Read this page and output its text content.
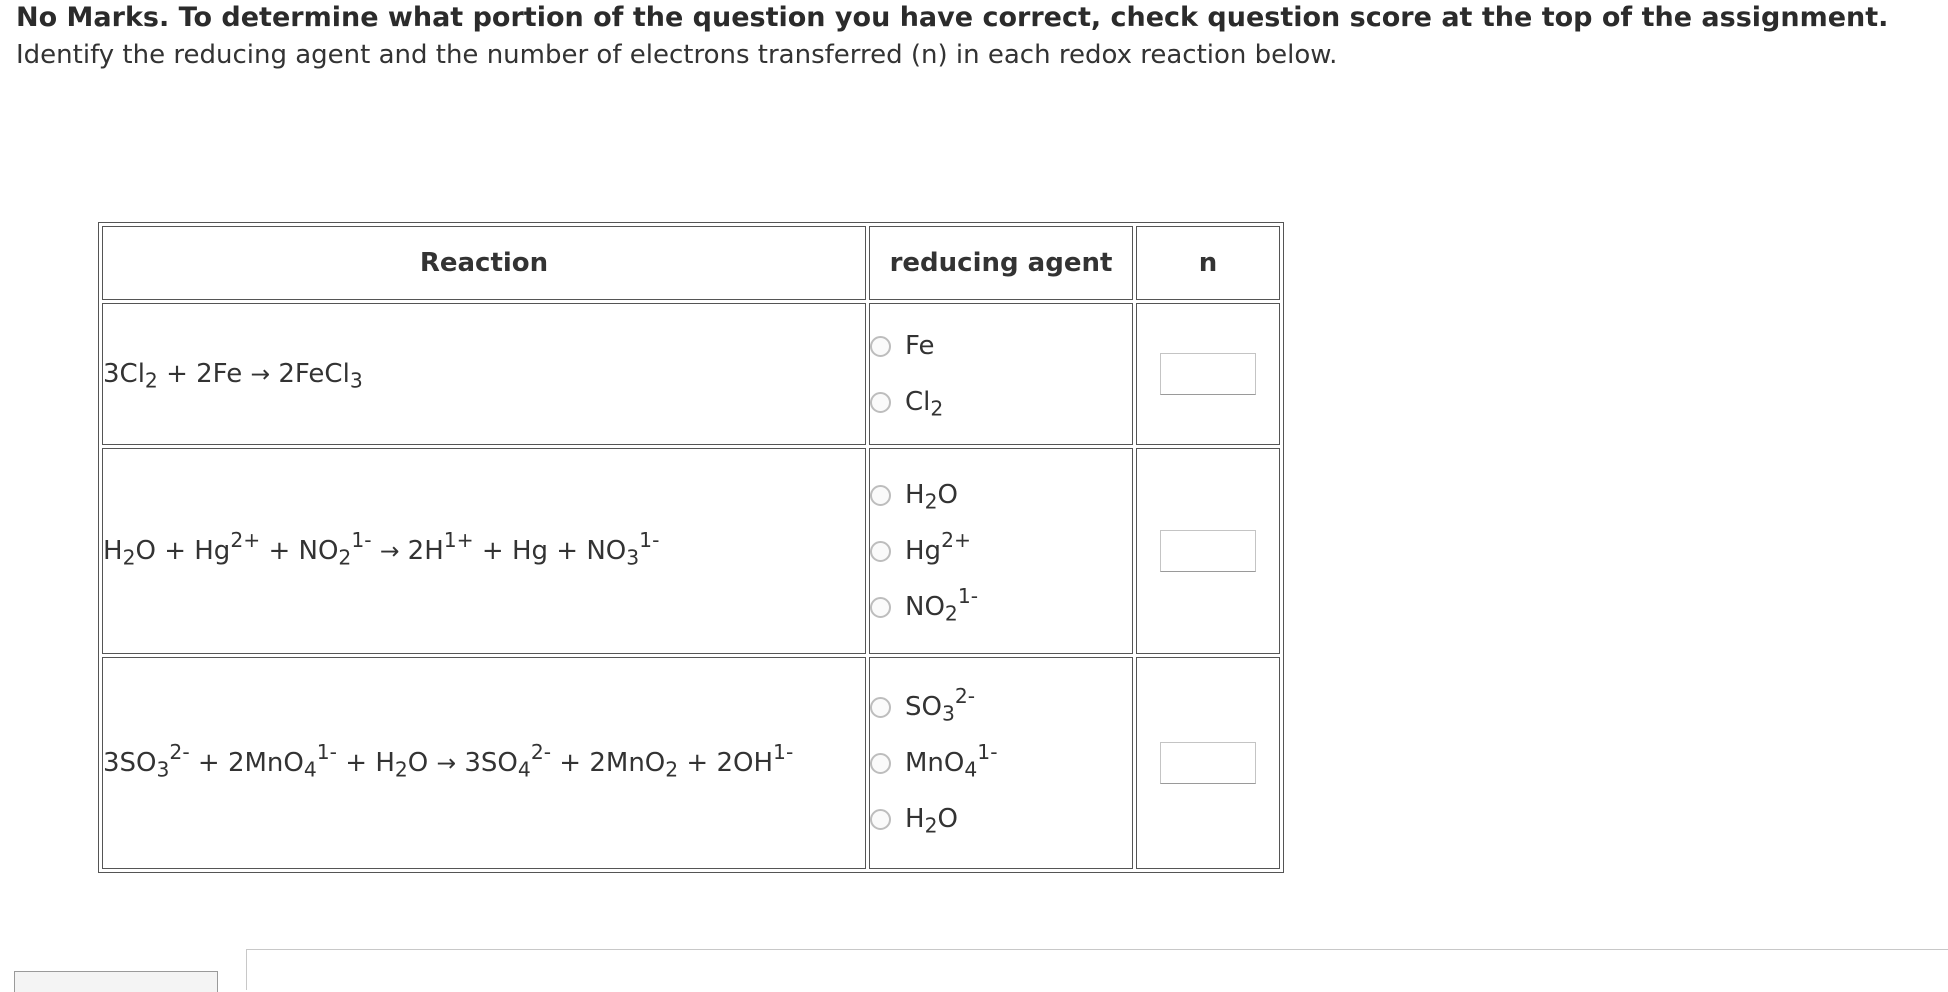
No Marks. To determine what portion of the question you have correct, check question score at the top of the assignment.
Identify the reducing agent and the number of electrons transferred (n) in each redox reaction below.
Reaction	reducing agent	n
$3Cl_2 + 2Fe$ → 2FeCl$_3$	Fe
$Cl_2$

$H_2O + Hg^{2+} + NO_2^{1-} \to 2H^{1+} + Hg + NO_3^{1-}$	$H_2O$
$Hg^{2+}$
$NO_2^{1-}$

$3SO_3^{2-} + 2MnO_4^{1-} + H_2O \to 3SO_4^{2-} + 2MnO_2 + 2OH^{1-}$	$SO_3^{2-}$
MnO$_4^{1-}$
$H_2O$
